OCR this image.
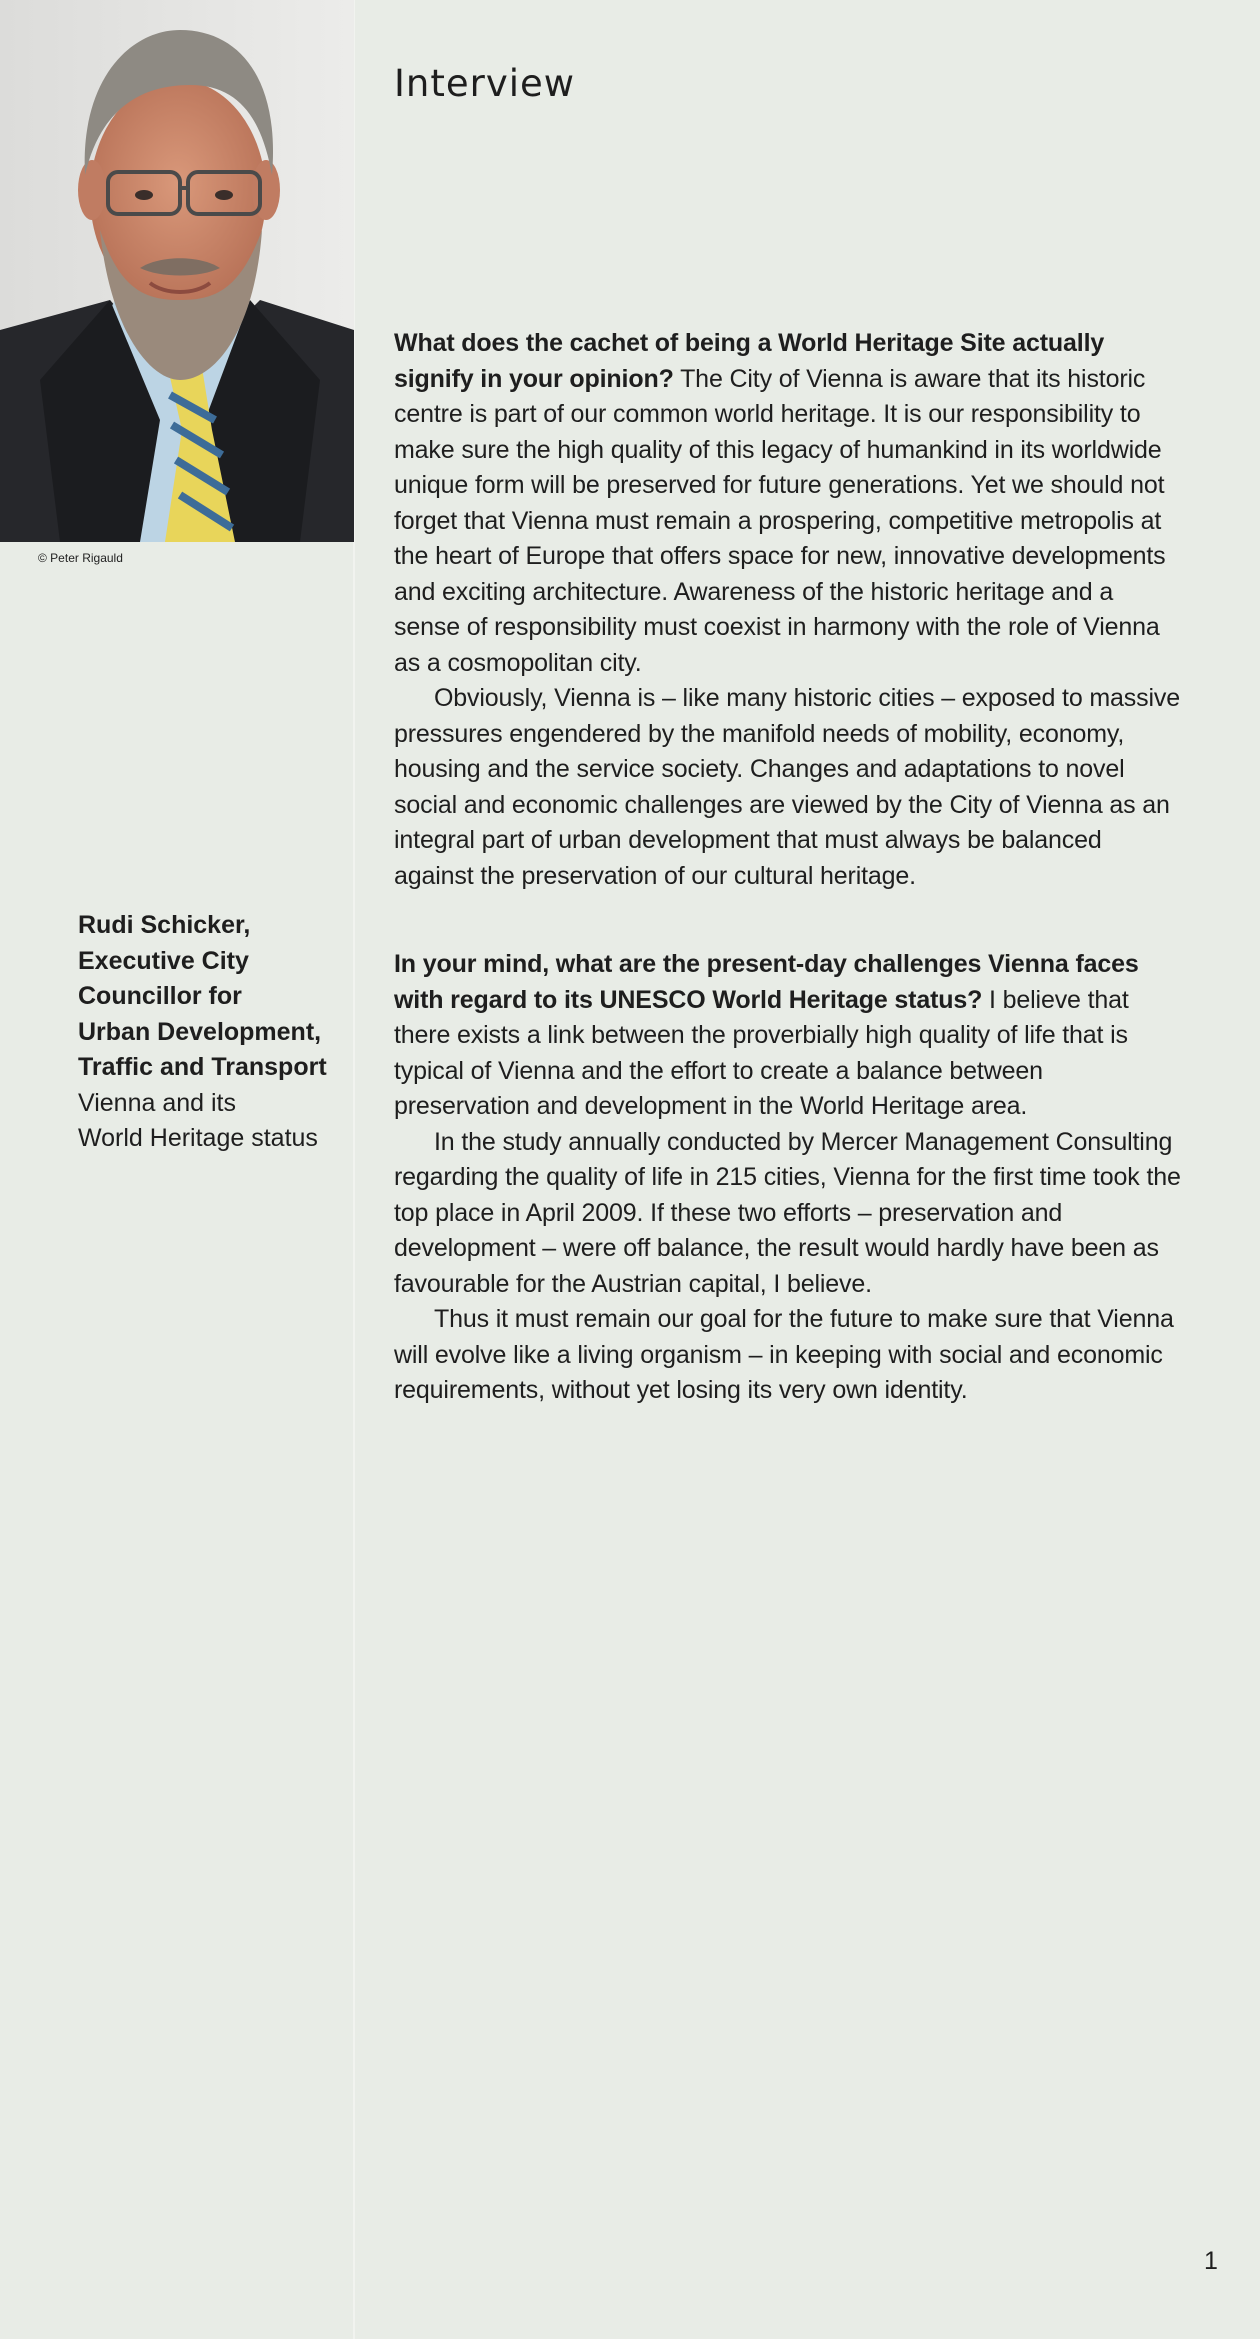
© Peter Rigauld
Rudi Schicker,
Executive City
Councillor for
Urban Development,
Traffic and Transport
Vienna and its
World Heritage status
Interview

What does the cachet of being a World Heritage Site actually signify in your opinion? The City of Vienna is aware that its historic centre is part of our common world heritage. It is our responsibility to make sure the high quality of this legacy of humankind in its worldwide unique form will be preserved for future generations. Yet we should not forget that Vienna must remain a prospering, competitive metropolis at the heart of Europe that offers space for new, innovative developments and exciting architecture. Awareness of the historic heritage and a sense of responsibility must coexist in harmony with the role of Vienna as a cosmopolitan city.

Obviously, Vienna is – like many historic cities – exposed to massive pressures engendered by the manifold needs of mobility, economy, housing and the service society. Changes and adaptations to novel social and economic challenges are viewed by the City of Vienna as an integral part of urban development that must always be balanced against the preservation of our cultural heritage.

In your mind, what are the present-day challenges Vienna faces with regard to its UNESCO World Heritage status? I believe that there exists a link between the proverbially high quality of life that is typical of Vienna and the effort to create a balance between preservation and development in the World Heritage area.

In the study annually conducted by Mercer Management Consulting regarding the quality of life in 215 cities, Vienna for the first time took the top place in April 2009. If these two efforts – preservation and development – were off balance, the result would hardly have been as favourable for the Austrian capital, I believe.

Thus it must remain our goal for the future to make sure that Vienna will evolve like a living organism – in keeping with social and economic requirements, without yet losing its very own identity.

1
